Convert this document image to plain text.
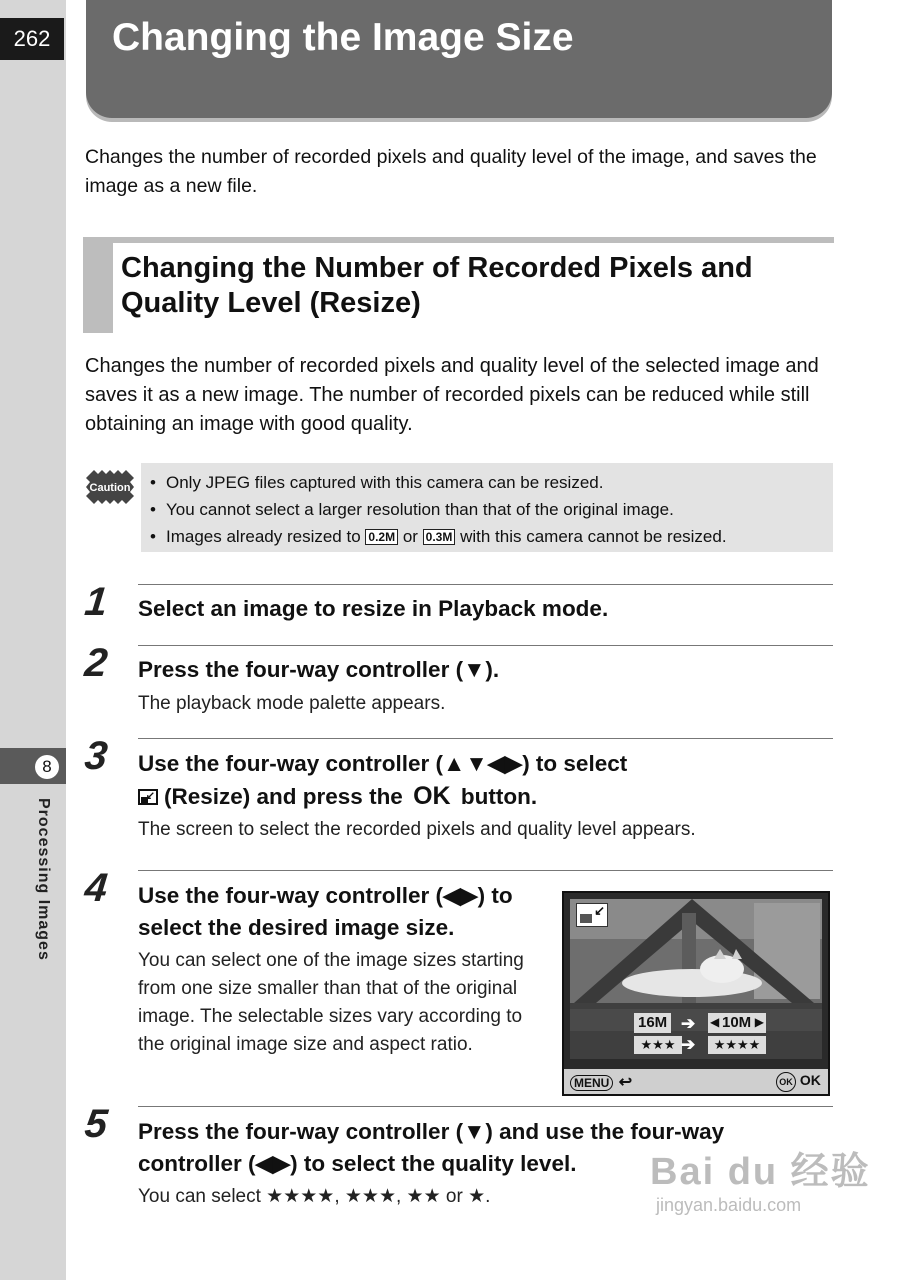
262
8
Processing Images
Changing the Image Size
Changes the number of recorded pixels and quality level of the image, and saves the image as a new file.
Changing the Number of Recorded Pixels and Quality Level (Resize)
Changes the number of recorded pixels and quality level of the selected image and saves it as a new image. The number of recorded pixels can be reduced while still obtaining an image with good quality.
Caution
•	Only JPEG files captured with this camera can be resized.
• You cannot select a larger resolution than that of the original image.
• Images already resized to 0.2M or 0.3M with this camera cannot be resized.
1 Select an image to resize in Playback mode.
2 Press the four-way controller (▼).
The playback mode palette appears.
3 Use the four-way controller (▲▼◀▶) to select
↙ (Resize) and press the OK button.
The screen to select the recorded pixels and quality level appears.
4 Use the four-way controller (◀▶) to select the desired image size.
You can select one of the image sizes starting from one size smaller than that of the original image. The selectable sizes vary according to the original image size and aspect ratio.
↙
16M ➔ ◀ 10M ▶
★★★ ➔	★★★★
MENU ↩	OK OK
5 Press the four-way controller (▼) and use the four-way controller (◀▶) to select the quality level.
You can select ★★★★, ★★★, ★★ or ★.
Bai du 经验
jingyan.baidu.com
